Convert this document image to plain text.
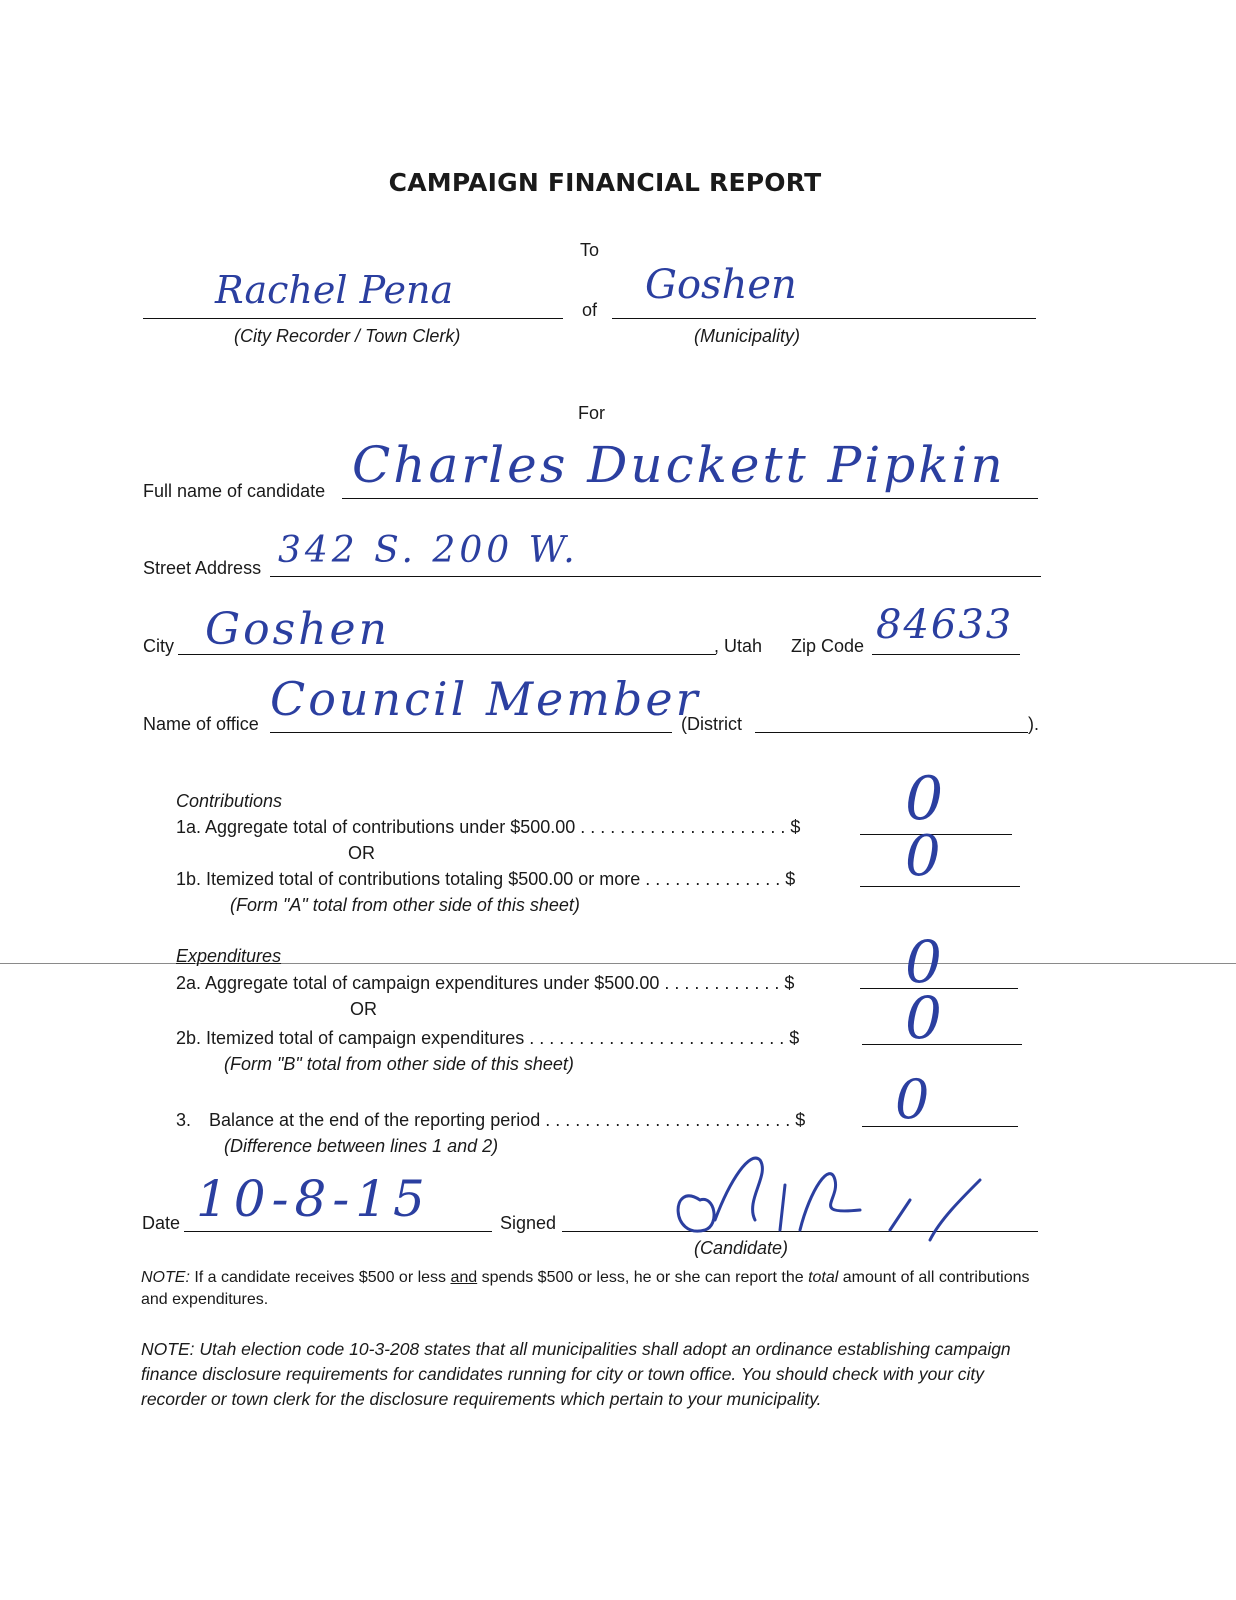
CAMPAIGN FINANCIAL REPORT
To
Rachel Pena
(City Recorder / Town Clerk)
of
Goshen
(Municipality)
For
Full name of candidate Charles Duckett Pipkin
Street Address 342 S. 200 W.
City Goshen	, Utah Zip Code 84633
Name of office Council Member
(District	).
Contributions
1a. Aggregate total of contributions under $500.00 . . . . . . . . . . . . . . . . . . . . . $ 0
OR
1b. Itemized total of contributions totaling $500.00 or more . . . . . . . . . . . . . . $ 0
(Form "A" total from other side of this sheet)
Expenditures
2a. Aggregate total of campaign expenditures under $500.00 . . . . . . . . . . . . $ 0
OR
2b. Itemized total of campaign expenditures . . . . . . . . . . . . . . . . . . . . . . . . . . $ 0
(Form "B" total from other side of this sheet)
3. Balance at the end of the reporting period . . . . . . . . . . . . . . . . . . . . . . . . . $ 0
(Difference between lines 1 and 2)
Date 10-8-15	Signed
(Candidate)
NOTE: If a candidate receives $500 or less and spends $500 or less, he or she can report the total amount of all contributions and expenditures.
NOTE: Utah election code 10-3-208 states that all municipalities shall adopt an ordinance establishing campaign finance disclosure requirements for candidates running for city or town office. You should check with your city recorder or town clerk for the disclosure requirements which pertain to your municipality.
